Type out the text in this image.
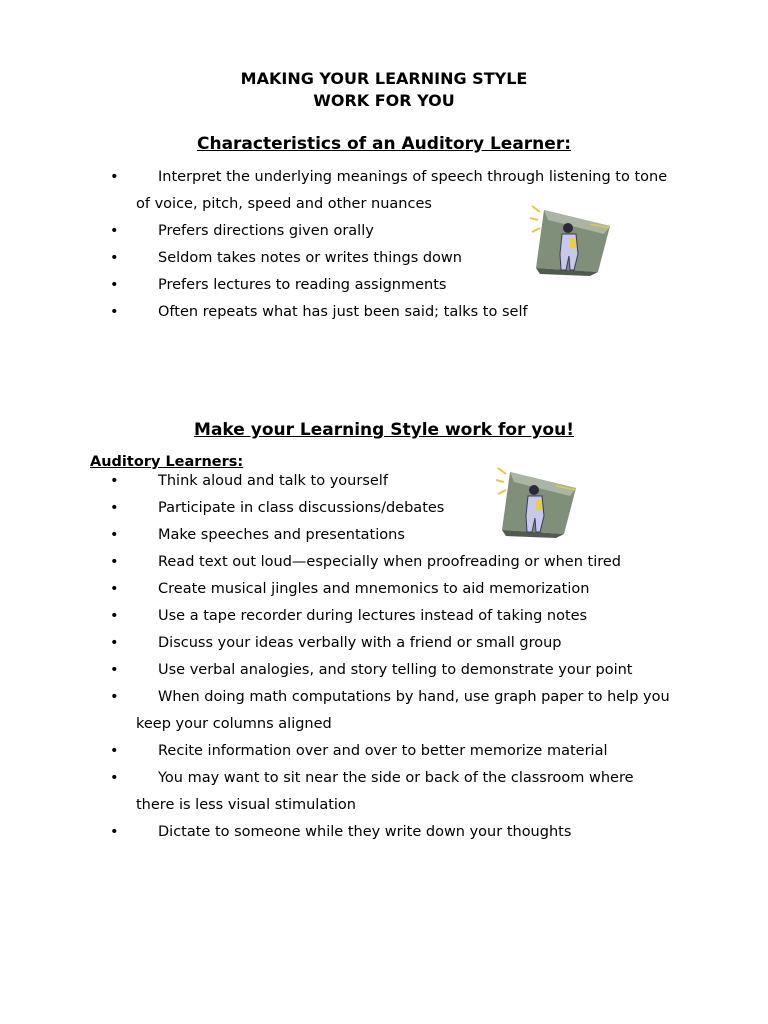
MAKING YOUR LEARNING STYLE
WORK FOR YOU
Characteristics of an Auditory Learner:
•	Interpret the underlying meanings of speech through listening to tone of voice, pitch, speed and other nuances
•	Prefers directions given orally
•	Seldom takes notes or writes things down
•	Prefers lectures to reading assignments
•	Often repeats what has just been said; talks to self
Make your Learning Style work for you!
Auditory Learners:
•	Think aloud and talk to yourself
•	Participate in class discussions/debates
•	Make speeches and presentations
•	Read text out loud—especially when proofreading or when tired
•	Create musical jingles and mnemonics to aid memorization
•	Use a tape recorder during lectures instead of taking notes
•	Discuss your ideas verbally with a friend or small group
•	Use verbal analogies, and story telling to demonstrate your point
•	When doing math computations by hand, use graph paper to help you keep your columns aligned
•	Recite information over and over to better memorize material
•	You may want to sit near the side or back of the classroom where there is less visual stimulation
•	Dictate to someone while they write down your thoughts
